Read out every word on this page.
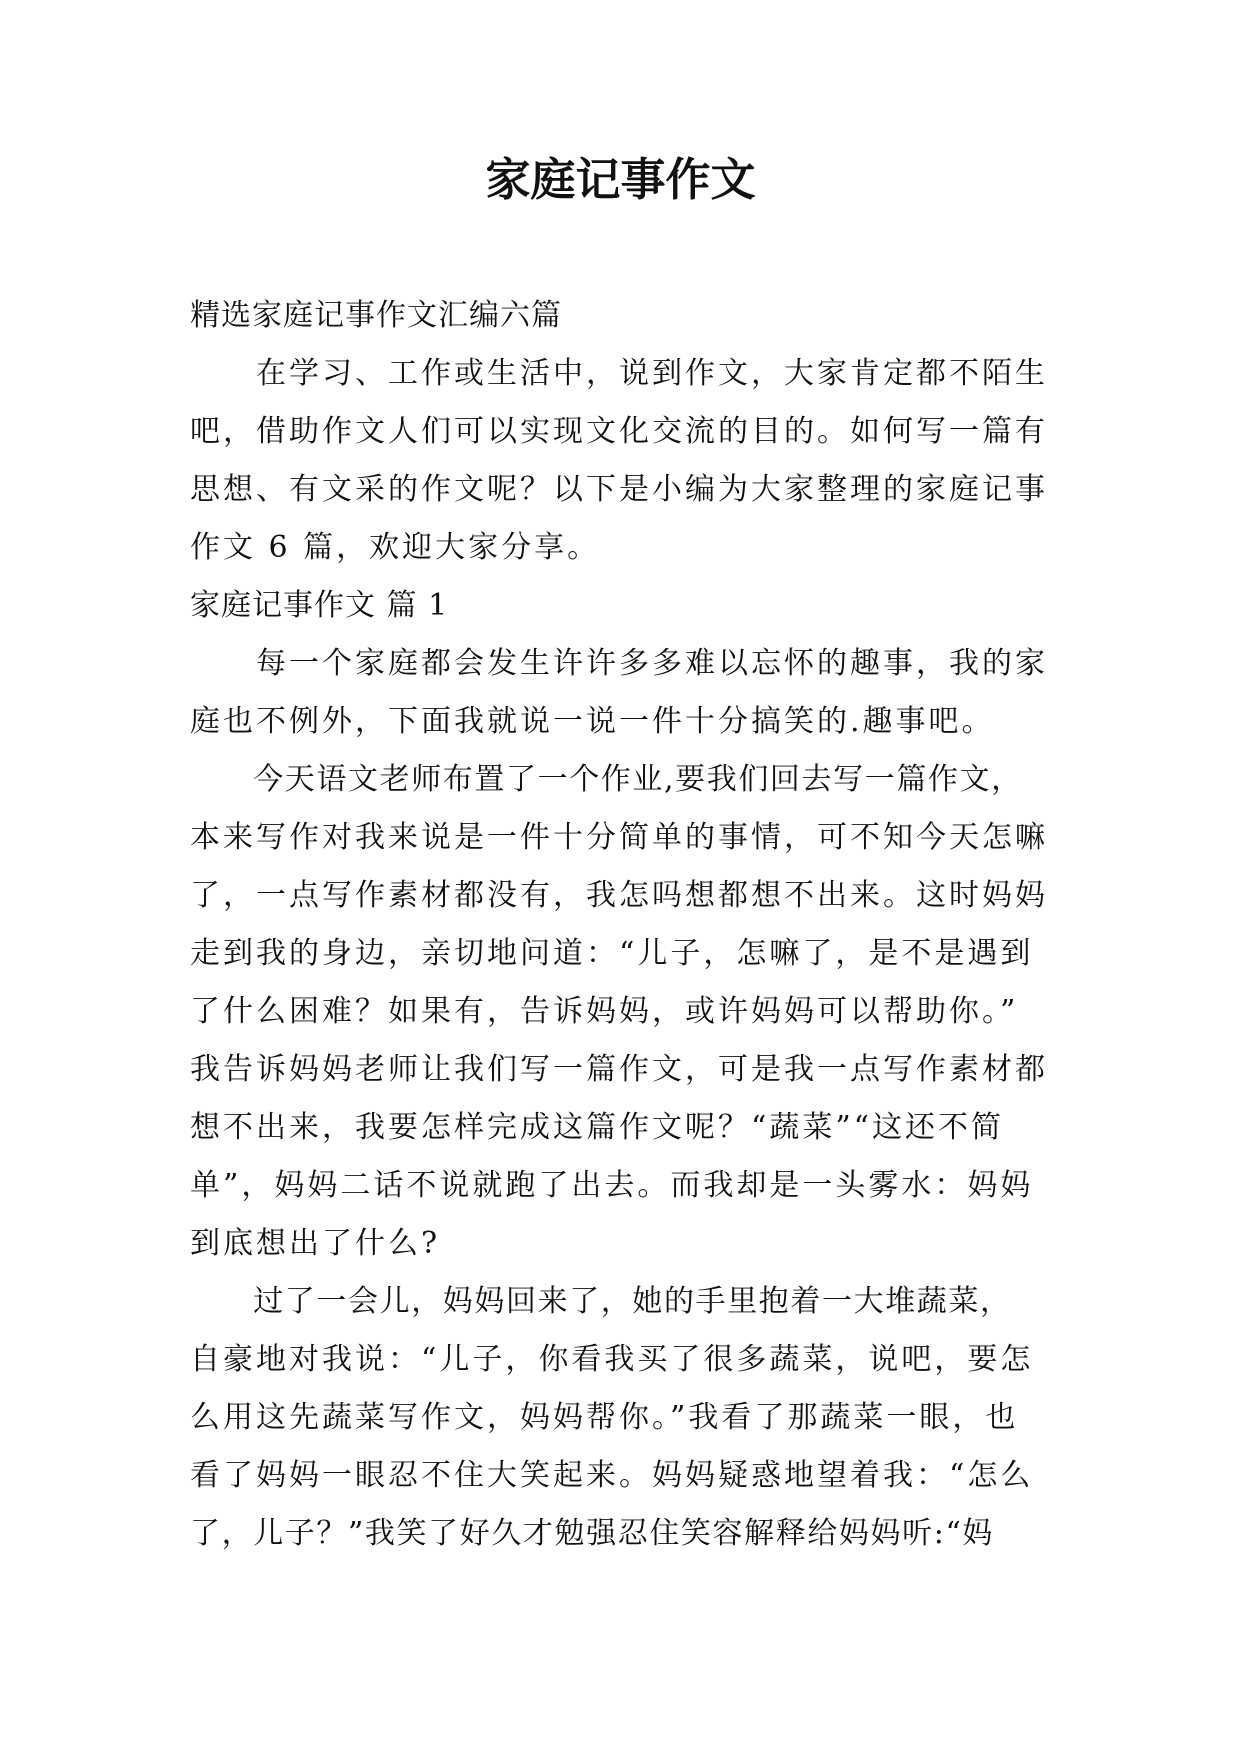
家庭记事作文
精选家庭记事作文汇编六篇
　　在学习、工作或生活中，说到作文，大家肯定都不陌生
吧，借助作文人们可以实现文化交流的目的。如何写一篇有
思想、有文采的作文呢？以下是小编为大家整理的家庭记事
作文 6 篇，欢迎大家分享。
家庭记事作文 篇 1
　　每一个家庭都会发生许许多多难以忘怀的趣事，我的家
庭也不例外，下面我就说一说一件十分搞笑的.趣事吧。
　　今天语文老师布置了一个作业,要我们回去写一篇作文，
本来写作对我来说是一件十分简单的事情，可不知今天怎嘛
了，一点写作素材都没有，我怎吗想都想不出来。这时妈妈
走到我的身边，亲切地问道：“儿子，怎嘛了，是不是遇到
了什么困难？如果有，告诉妈妈，或许妈妈可以帮助你。”
我告诉妈妈老师让我们写一篇作文，可是我一点写作素材都
想不出来，我要怎样完成这篇作文呢？“蔬菜”“这还不简
单”，妈妈二话不说就跑了出去。而我却是一头雾水：妈妈
到底想出了什么?
　　过了一会儿，妈妈回来了，她的手里抱着一大堆蔬菜，
自豪地对我说：“儿子，你看我买了很多蔬菜，说吧，要怎
么用这先蔬菜写作文，妈妈帮你。”我看了那蔬菜一眼，也
看了妈妈一眼忍不住大笑起来。妈妈疑惑地望着我：“怎么
了，儿子？”我笑了好久才勉强忍住笑容解释给妈妈听:“妈
